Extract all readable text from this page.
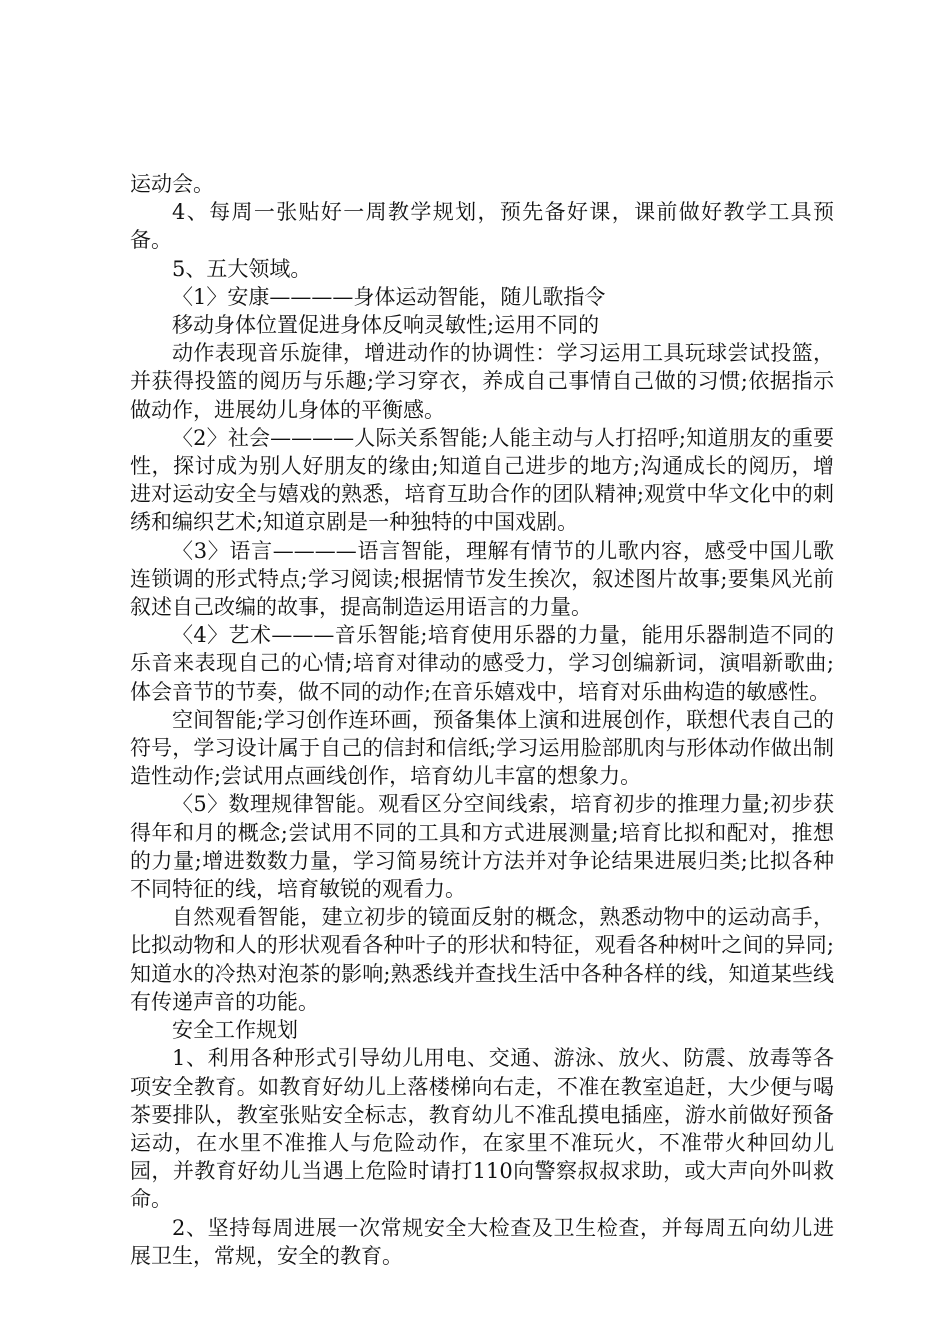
运动会。

4、每周一张贴好一周教学规划，预先备好课，课前做好教学工具预备。

5、五大领域。

〈1〉安康————身体运动智能，随儿歌指令

移动身体位置促进身体反响灵敏性;运用不同的

动作表现音乐旋律，增进动作的协调性：学习运用工具玩球尝试投篮，并获得投篮的阅历与乐趣;学习穿衣，养成自己事情自己做的习惯;依据指示做动作，进展幼儿身体的平衡感。

〈2〉社会————人际关系智能;人能主动与人打招呼;知道朋友的重要性，探讨成为别人好朋友的缘由;知道自己进步的地方;沟通成长的阅历，增进对运动安全与嬉戏的熟悉，培育互助合作的团队精神;观赏中华文化中的刺绣和编织艺术;知道京剧是一种独特的中国戏剧。

〈3〉语言————语言智能，理解有情节的儿歌内容，感受中国儿歌连锁调的形式特点;学习阅读;根据情节发生挨次，叙述图片故事;要集风光前叙述自己改编的故事，提高制造运用语言的力量。

〈4〉艺术———音乐智能;培育使用乐器的力量，能用乐器制造不同的乐音来表现自己的心情;培育对律动的感受力，学习创编新词，演唱新歌曲;体会音节的节奏，做不同的动作;在音乐嬉戏中，培育对乐曲构造的敏感性。

空间智能;学习创作连环画，预备集体上演和进展创作，联想代表自己的符号，学习设计属于自己的信封和信纸;学习运用脸部肌肉与形体动作做出制造性动作;尝试用点画线创作，培育幼儿丰富的想象力。

〈5〉数理规律智能。观看区分空间线索，培育初步的推理力量;初步获得年和月的概念;尝试用不同的工具和方式进展测量;培育比拟和配对，推想的力量;增进数数力量，学习简易统计方法并对争论结果进展归类;比拟各种不同特征的线，培育敏锐的观看力。

自然观看智能，建立初步的镜面反射的概念，熟悉动物中的运动高手，比拟动物和人的形状观看各种叶子的形状和特征，观看各种树叶之间的异同;知道水的冷热对泡茶的影响;熟悉线并查找生活中各种各样的线，知道某些线有传递声音的功能。

安全工作规划

1、利用各种形式引导幼儿用电、交通、游泳、放火、防震、放毒等各项安全教育。如教育好幼儿上落楼梯向右走，不准在教室追赶，大少便与喝茶要排队，教室张贴安全标志，教育幼儿不准乱摸电插座，游水前做好预备运动，在水里不准推人与危险动作，在家里不准玩火，不准带火种回幼儿园，并教育好幼儿当遇上危险时请打110向警察叔叔求助，或大声向外叫救命。

2、坚持每周进展一次常规安全大检查及卫生检查，并每周五向幼儿进展卫生，常规，安全的教育。
